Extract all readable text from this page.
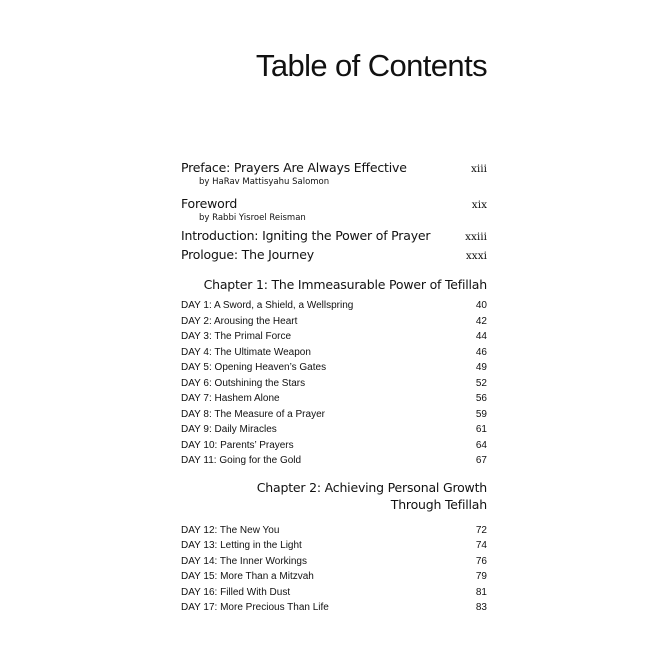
Table of Contents
Preface: Prayers Are Always Effective	xiii
by HaRav Mattisyahu Salomon
Foreword	xix
by Rabbi Yisroel Reisman
Introduction: Igniting the Power of Prayer	xxiii
Prologue: The Journey	xxxi
Chapter 1: The Immeasurable Power of Tefillah
DAY 1: A Sword, a Shield, a Wellspring	40
DAY 2: Arousing the Heart	42
DAY 3: The Primal Force	44
DAY 4: The Ultimate Weapon	46
DAY 5: Opening Heaven’s Gates	49
DAY 6: Outshining the Stars	52
DAY 7: Hashem Alone	56
DAY 8: The Measure of a Prayer	59
DAY 9: Daily Miracles	61
DAY 10: Parents’ Prayers	64
DAY 11: Going for the Gold	67
Chapter 2: Achieving Personal Growth
Through Tefillah
DAY 12: The New You	72
DAY 13: Letting in the Light	74
DAY 14: The Inner Workings	76
DAY 15: More Than a Mitzvah	79
DAY 16: Filled With Dust	81
DAY 17: More Precious Than Life	83
